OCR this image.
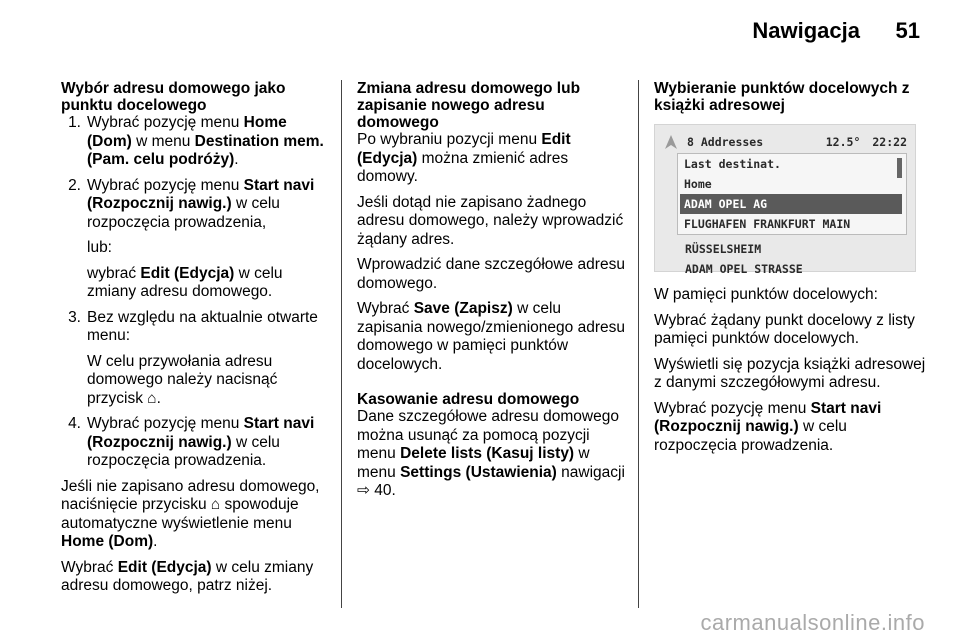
Nawigacja 51
Wybór adresu domowego jako punktu docelowego
1. Wybrać pozycję menu Home (Dom) w menu Destination mem. (Pam. celu podróży).

2. Wybrać pozycję menu Start navi (Rozpocznij nawig.) w celu rozpoczęcia prowadzenia,

lub:

wybrać Edit (Edycja) w celu zmiany adresu domowego.

3. Bez względu na aktualnie otwarte menu:

W celu przywołania adresu domowego należy nacisnąć przycisk ⌂.

4. Wybrać pozycję menu Start navi (Rozpocznij nawig.) w celu rozpoczęcia prowadzenia.

Jeśli nie zapisano adresu domowego, naciśnięcie przycisku ⌂ spowoduje automatyczne wyświetlenie menu Home (Dom).

Wybrać Edit (Edycja) w celu zmiany adresu domowego, patrz niżej.

Zmiana adresu domowego lub zapisanie nowego adresu domowego

Po wybraniu pozycji menu Edit (Edycja) można zmienić adres domowy.

Jeśli dotąd nie zapisano żadnego adresu domowego, należy wprowadzić żądany adres.

Wprowadzić dane szczegółowe adresu domowego.

Wybrać Save (Zapisz) w celu zapisania nowego/zmienionego adresu domowego w pamięci punktów docelowych.

Kasowanie adresu domowego

Dane szczegółowe adresu domowego można usunąć za pomocą pozycji menu Delete lists (Kasuj listy) w menu Settings (Ustawienia) nawigacji ⇨ 40.

Wybieranie punktów docelowych z książki adresowej
8 Addresses	12.5° 22:22
Last destinat.
Home
ADAM OPEL AG
FLUGHAFEN FRANKFURT MAIN
RÜSSELSHEIM
ADAM OPEL STRASSE

W pamięci punktów docelowych:

Wybrać żądany punkt docelowy z listy pamięci punktów docelowych.

Wyświetli się pozycja książki adresowej z danymi szczegółowymi adresu.

Wybrać pozycję menu Start navi (Rozpocznij nawig.) w celu rozpoczęcia prowadzenia.

carmanualsonline.info
